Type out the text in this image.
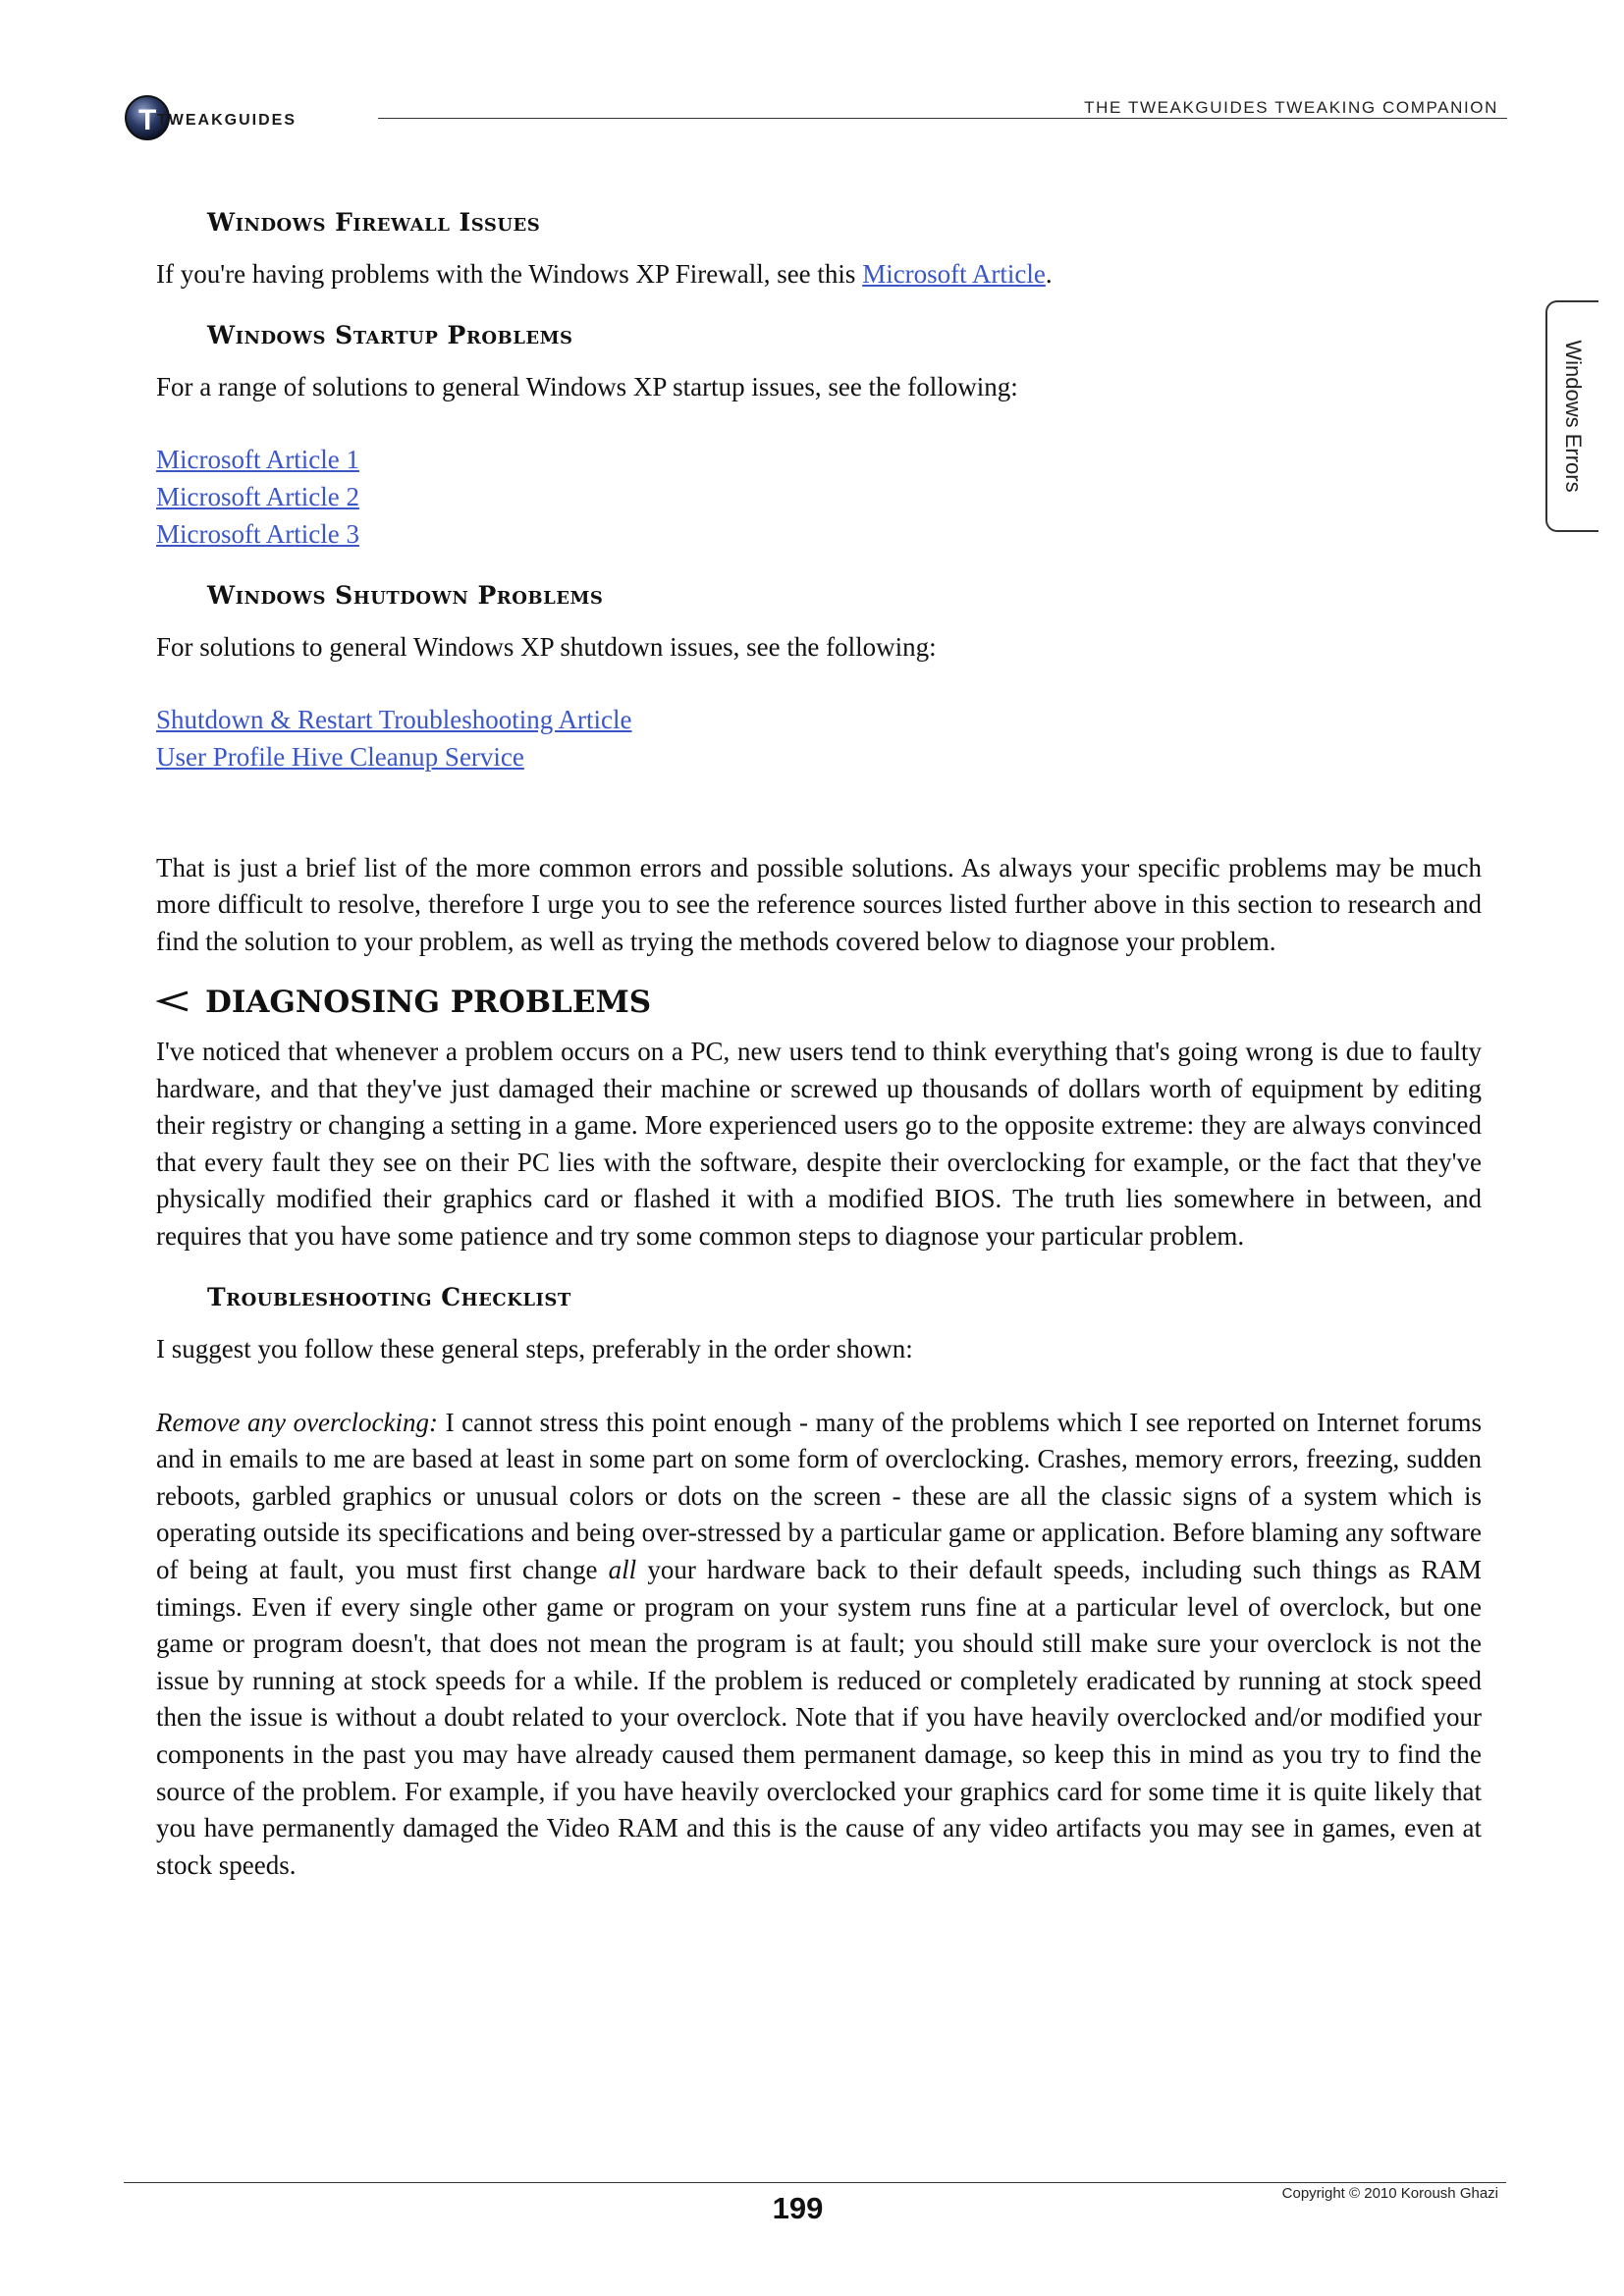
T TWEAKGUIDES
THE TWEAKGUIDES TWEAKING COMPANION
Windows Errors

Windows Firewall Issues

If you're having problems with the Windows XP Firewall, see this Microsoft Article.

Windows Startup Problems

For a range of solutions to general Windows XP startup issues, see the following:

Microsoft Article 1
Microsoft Article 2
Microsoft Article 3

Windows Shutdown Problems

For solutions to general Windows XP shutdown issues, see the following:

Shutdown & Restart Troubleshooting Article
User Profile Hive Cleanup Service

That is just a brief list of the more common errors and possible solutions. As always your specific problems may be much more difficult to resolve, therefore I urge you to see the reference sources listed further above in this section to research and find the solution to your problem, as well as trying the methods covered below to diagnose your problem.

DIAGNOSING PROBLEMS

I've noticed that whenever a problem occurs on a PC, new users tend to think everything that's going wrong is due to faulty hardware, and that they've just damaged their machine or screwed up thousands of dollars worth of equipment by editing their registry or changing a setting in a game. More experienced users go to the opposite extreme: they are always convinced that every fault they see on their PC lies with the software, despite their overclocking for example, or the fact that they've physically modified their graphics card or flashed it with a modified BIOS. The truth lies somewhere in between, and requires that you have some patience and try some common steps to diagnose your particular problem.

Troubleshooting Checklist

I suggest you follow these general steps, preferably in the order shown:

Remove any overclocking: I cannot stress this point enough - many of the problems which I see reported on Internet forums and in emails to me are based at least in some part on some form of overclocking. Crashes, memory errors, freezing, sudden reboots, garbled graphics or unusual colors or dots on the screen - these are all the classic signs of a system which is operating outside its specifications and being over-stressed by a particular game or application. Before blaming any software of being at fault, you must first change all your hardware back to their default speeds, including such things as RAM timings. Even if every single other game or program on your system runs fine at a particular level of overclock, but one game or program doesn't, that does not mean the program is at fault; you should still make sure your overclock is not the issue by running at stock speeds for a while. If the problem is reduced or completely eradicated by running at stock speed then the issue is without a doubt related to your overclock. Note that if you have heavily overclocked and/or modified your components in the past you may have already caused them permanent damage, so keep this in mind as you try to find the source of the problem. For example, if you have heavily overclocked your graphics card for some time it is quite likely that you have permanently damaged the Video RAM and this is the cause of any video artifacts you may see in games, even at stock speeds.

199	Copyright © 2010 Koroush Ghazi
